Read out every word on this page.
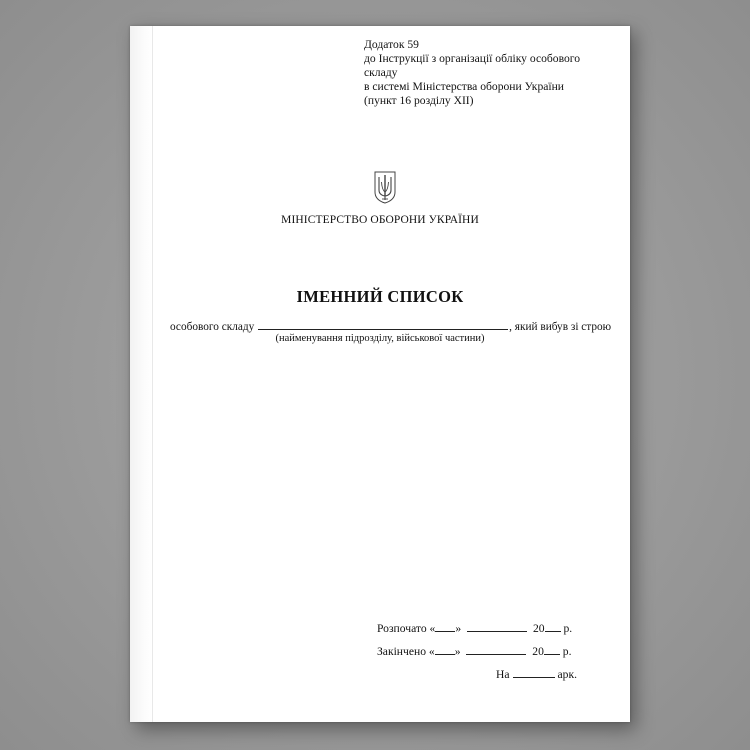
Додаток 59
до Інструкції з організації обліку особового складу
в системі Міністерства оборони України
(пункт 16 розділу XII)
МІНІСТЕРСТВО ОБОРОНИ УКРАЇНИ
ІМЕННИЙ СПИСОК
особового складу	, який вибув зі строю
(найменування підрозділу, військової частини)
Розпочато « »	20 р.
Закінчено « »	20 р.
На	арк.
